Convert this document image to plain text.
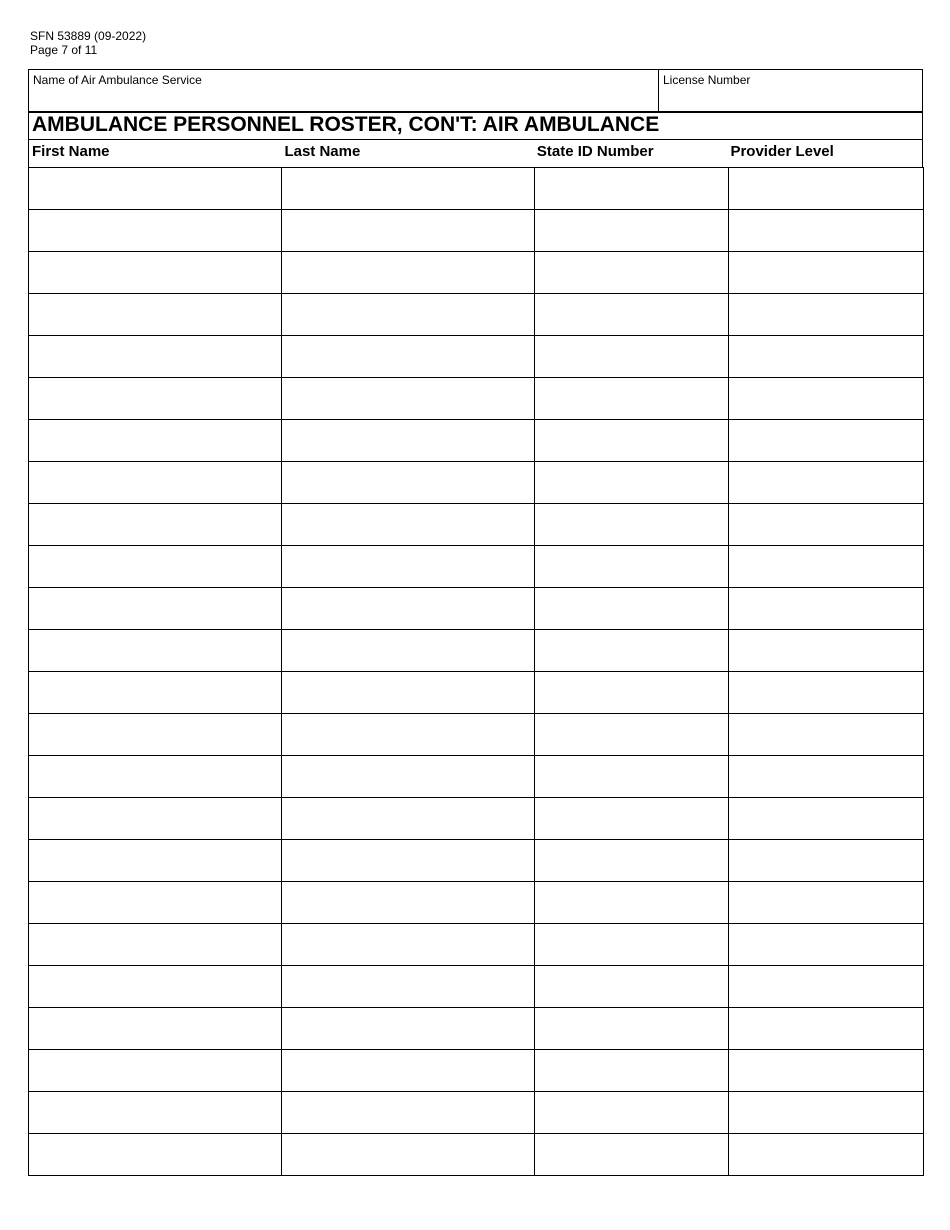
SFN 53889 (09-2022)
Page 7 of 11
Name of Air Ambulance Service	License Number
AMBULANCE PERSONNEL ROSTER, CON'T: AIR AMBULANCE
First Name	Last Name	State ID Number	Provider Level
